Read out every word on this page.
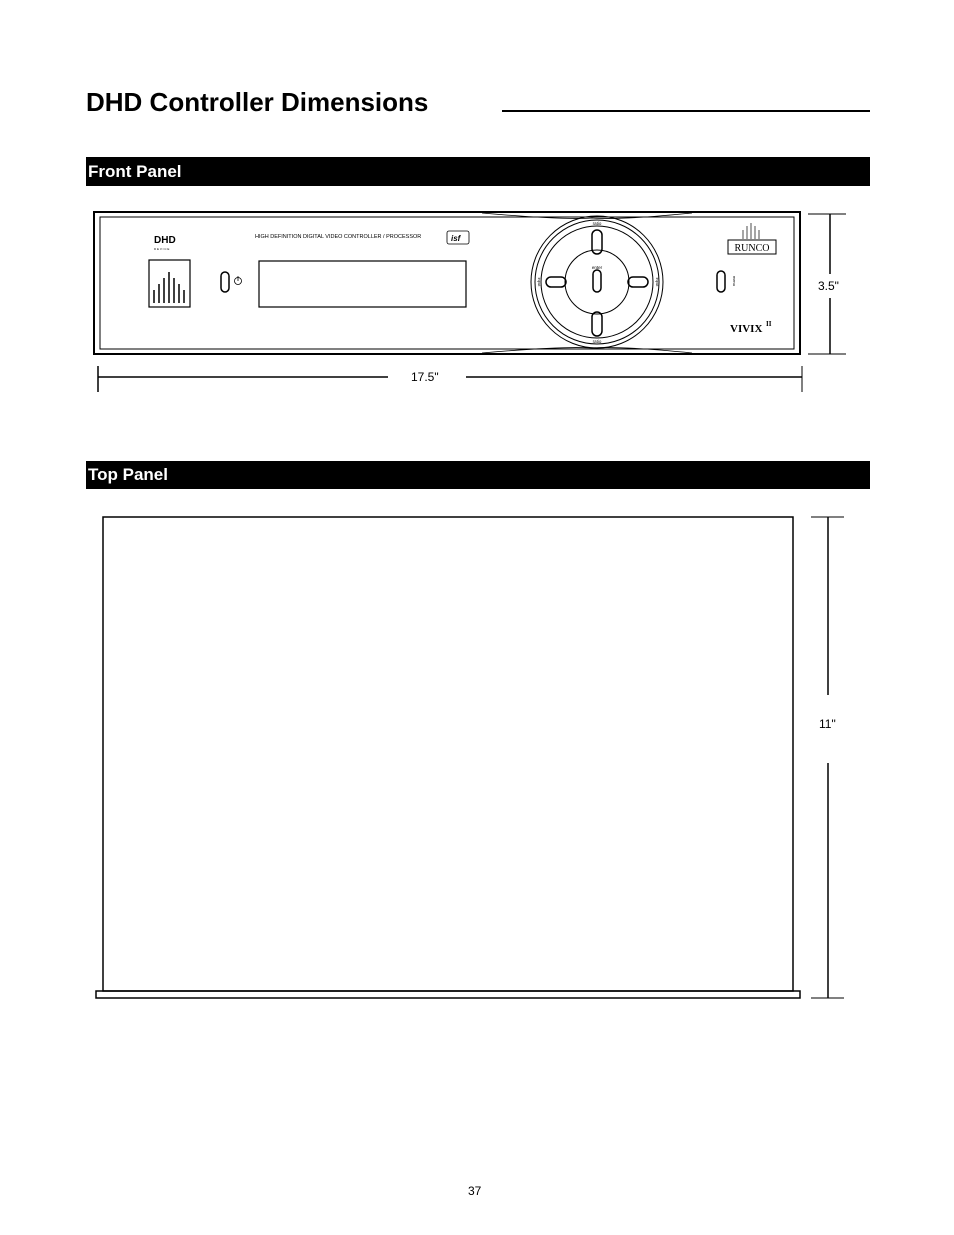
DHD Controller Dimensions
Front Panel
DHD
D E V I C E
HIGH DEFINITION DIGITAL VIDEO CONTROLLER / PROCESSOR	isf
ratio
enter
ratio
input	input	menu
RUNCO
VIVIX II
3.5"
17.5"
Top Panel
11"
37
